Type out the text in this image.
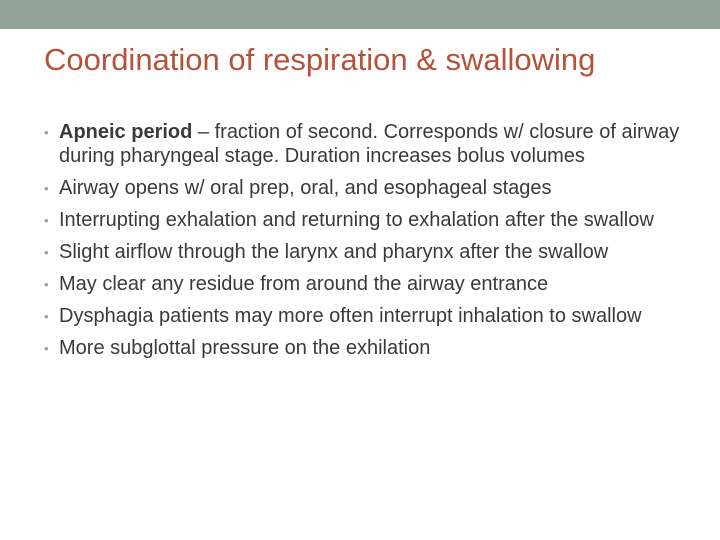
Coordination of respiration & swallowing
• Apneic period – fraction of second. Corresponds w/ closure of airway during pharyngeal stage. Duration increases bolus volumes
• Airway opens w/ oral prep, oral, and esophageal stages
• Interrupting exhalation and returning to exhalation after the swallow
• Slight airflow through the larynx and pharynx after the swallow
• May clear any residue from around the airway entrance
• Dysphagia patients may more often interrupt inhalation to swallow
• More subglottal pressure on the exhilation
